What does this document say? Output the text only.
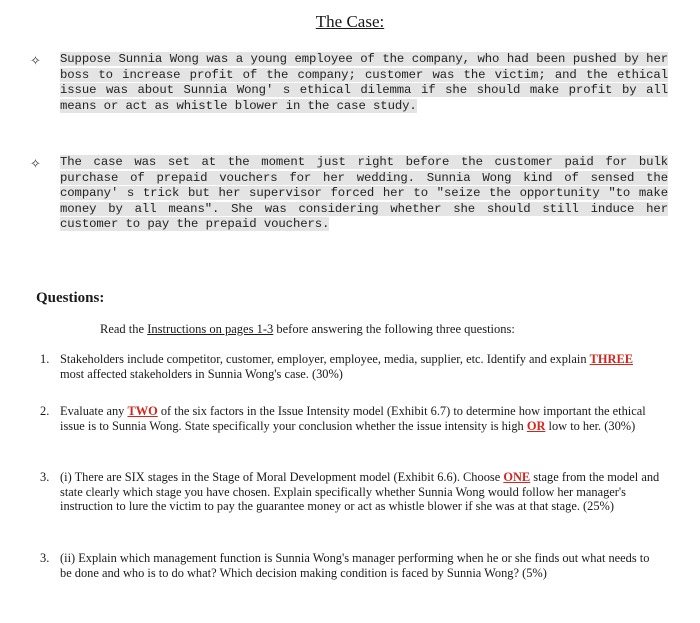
The Case:
✧ Suppose Sunnia Wong was a young employee of the company, who had been pushed by her boss to increase profit of the company; customer was the victim; and the ethical issue was about Sunnia Wong' s ethical dilemma if she should make profit by all means or act as whistle blower in the case study.
✧ The case was set at the moment just right before the customer paid for bulk purchase of prepaid vouchers for her wedding. Sunnia Wong kind of sensed the company' s trick but her supervisor forced her to "seize the opportunity "to make money by all means". She was considering whether she should still induce her customer to pay the prepaid vouchers.
Questions:
Read the Instructions on pages 1-3 before answering the following three questions:
1. Stakeholders include competitor, customer, employer, employee, media, supplier, etc. Identify and explain THREE most affected stakeholders in Sunnia Wong's case. (30%)
2. Evaluate any TWO of the six factors in the Issue Intensity model (Exhibit 6.7) to determine how important the ethical issue is to Sunnia Wong. State specifically your conclusion whether the issue intensity is high OR low to her. (30%)
3. (i) There are SIX stages in the Stage of Moral Development model (Exhibit 6.6). Choose ONE stage from the model and state clearly which stage you have chosen. Explain specifically whether Sunnia Wong would follow her manager's instruction to lure the victim to pay the guarantee money or act as whistle blower if she was at that stage. (25%)
3. (ii) Explain which management function is Sunnia Wong's manager performing when he or she finds out what needs to be done and who is to do what? Which decision making condition is faced by Sunnia Wong? (5%)
